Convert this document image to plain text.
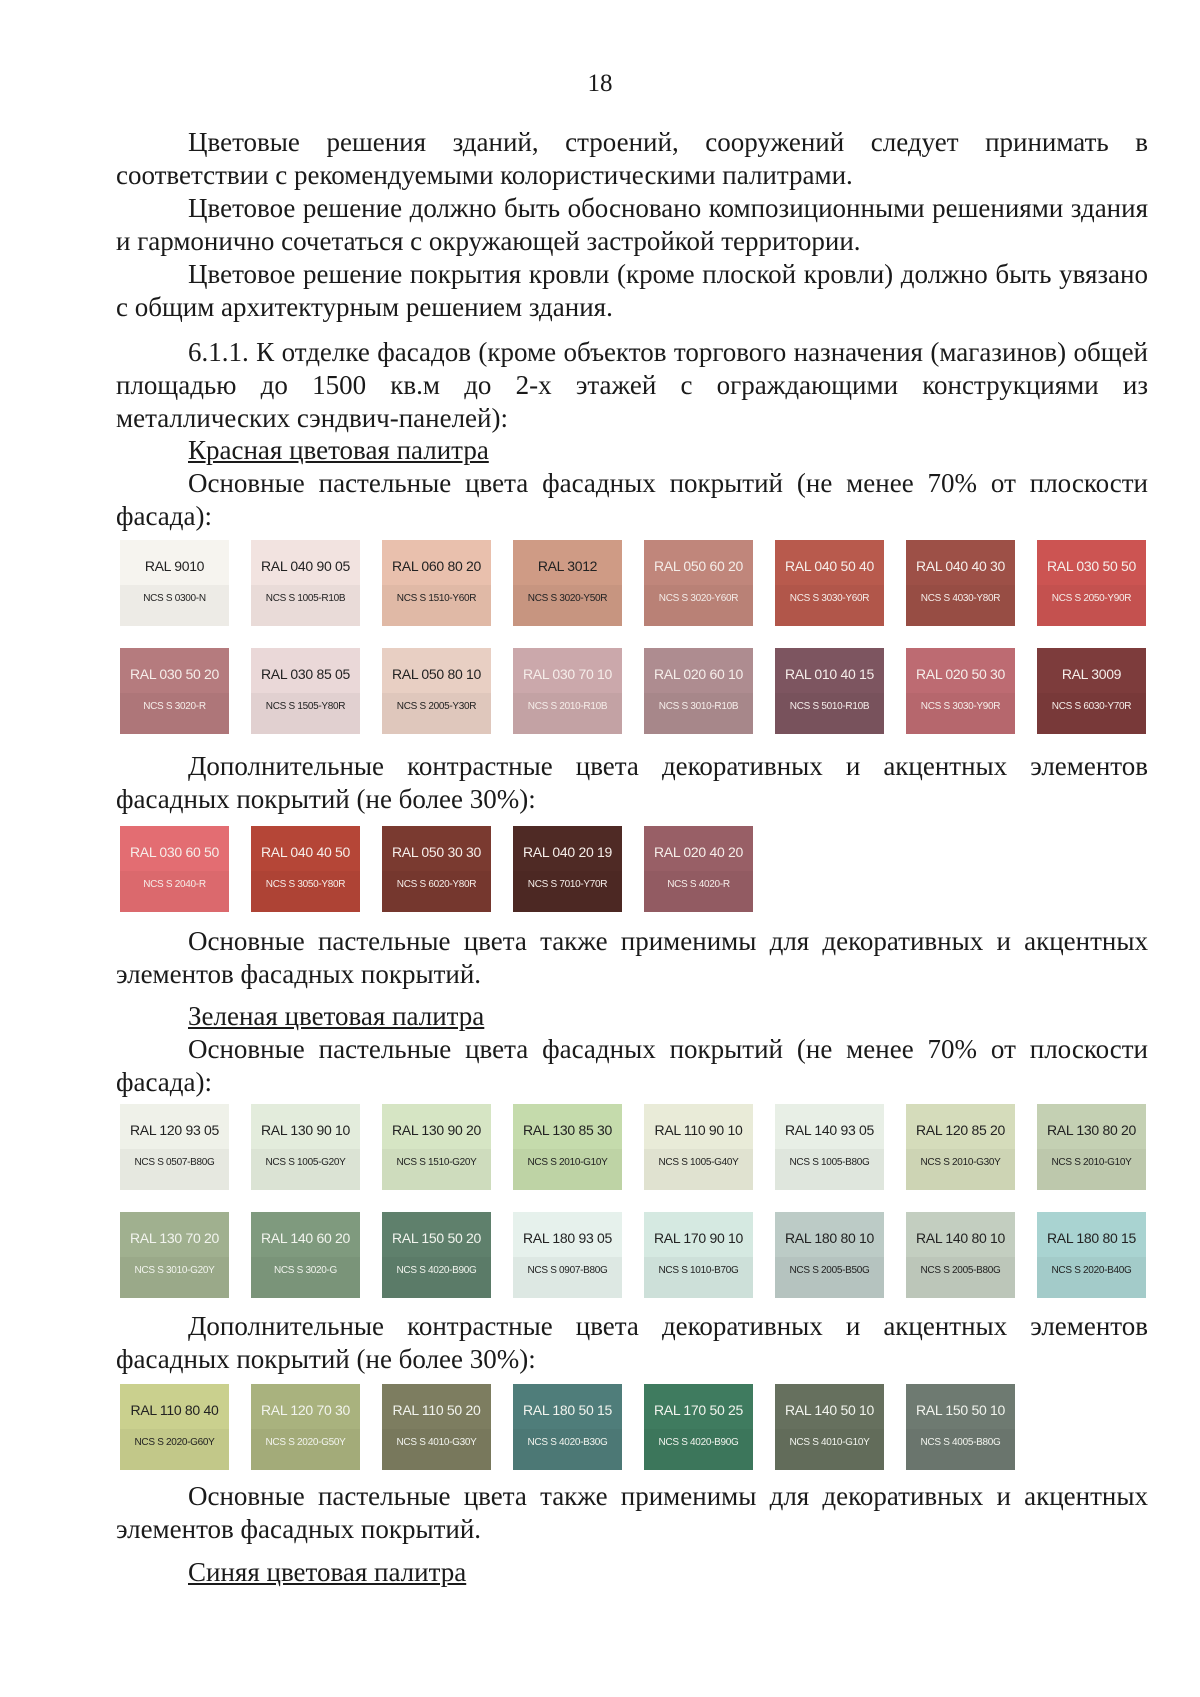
18

Цветовые решения зданий, строений, сооружений следует принимать в соответствии с рекомендуемыми колористическими палитрами.

Цветовое решение должно быть обосновано композиционными решениями здания и гармонично сочетаться с окружающей застройкой территории.

Цветовое решение покрытия кровли (кроме плоской кровли) должно быть увязано с общим архитектурным решением здания.

6.1.1. К отделке фасадов (кроме объектов торгового назначения (магазинов) общей площадью до 1500 кв.м до 2-х этажей с ограждающими конструкциями из металлических сэндвич-панелей):

Красная цветовая палитра

Основные пастельные цвета фасадных покрытий (не менее 70% от плоскости фасада):

RAL 9010
NCS S 0300-N
RAL 040 90 05
NCS S 1005-R10B
RAL 060 80 20
NCS S 1510-Y60R
RAL 3012
NCS S 3020-Y50R
RAL 050 60 20
NCS S 3020-Y60R
RAL 040 50 40
NCS S 3030-Y60R
RAL 040 40 30
NCS S 4030-Y80R
RAL 030 50 50
NCS S 2050-Y90R
RAL 030 50 20
NCS S 3020-R
RAL 030 85 05
NCS S 1505-Y80R
RAL 050 80 10
NCS S 2005-Y30R
RAL 030 70 10
NCS S 2010-R10B
RAL 020 60 10
NCS S 3010-R10B
RAL 010 40 15
NCS S 5010-R10B
RAL 020 50 30
NCS S 3030-Y90R
RAL 3009
NCS S 6030-Y70R

Дополнительные контрастные цвета декоративных и акцентных элементов фасадных покрытий (не более 30%):

RAL 030 60 50
NCS S 2040-R
RAL 040 40 50
NCS S 3050-Y80R
RAL 050 30 30
NCS S 6020-Y80R
RAL 040 20 19
NCS S 7010-Y70R
RAL 020 40 20
NCS S 4020-R

Основные пастельные цвета также применимы для декоративных и акцентных элементов фасадных покрытий.

Зеленая цветовая палитра

Основные пастельные цвета фасадных покрытий (не менее 70% от плоскости фасада):

RAL 120 93 05
NCS S 0507-B80G
RAL 130 90 10
NCS S 1005-G20Y
RAL 130 90 20
NCS S 1510-G20Y
RAL 130 85 30
NCS S 2010-G10Y
RAL 110 90 10
NCS S 1005-G40Y
RAL 140 93 05
NCS S 1005-B80G
RAL 120 85 20
NCS S 2010-G30Y
RAL 130 80 20
NCS S 2010-G10Y
RAL 130 70 20
NCS S 3010-G20Y
RAL 140 60 20
NCS S 3020-G
RAL 150 50 20
NCS S 4020-B90G
RAL 180 93 05
NCS S 0907-B80G
RAL 170 90 10
NCS S 1010-B70G
RAL 180 80 10
NCS S 2005-B50G
RAL 140 80 10
NCS S 2005-B80G
RAL 180 80 15
NCS S 2020-B40G

Дополнительные контрастные цвета декоративных и акцентных элементов фасадных покрытий (не более 30%):

RAL 110 80 40
NCS S 2020-G60Y
RAL 120 70 30
NCS S 2020-G50Y
RAL 110 50 20
NCS S 4010-G30Y
RAL 180 50 15
NCS S 4020-B30G
RAL 170 50 25
NCS S 4020-B90G
RAL 140 50 10
NCS S 4010-G10Y
RAL 150 50 10
NCS S 4005-B80G

Основные пастельные цвета также применимы для декоративных и акцентных элементов фасадных покрытий.

Синяя цветовая палитра
